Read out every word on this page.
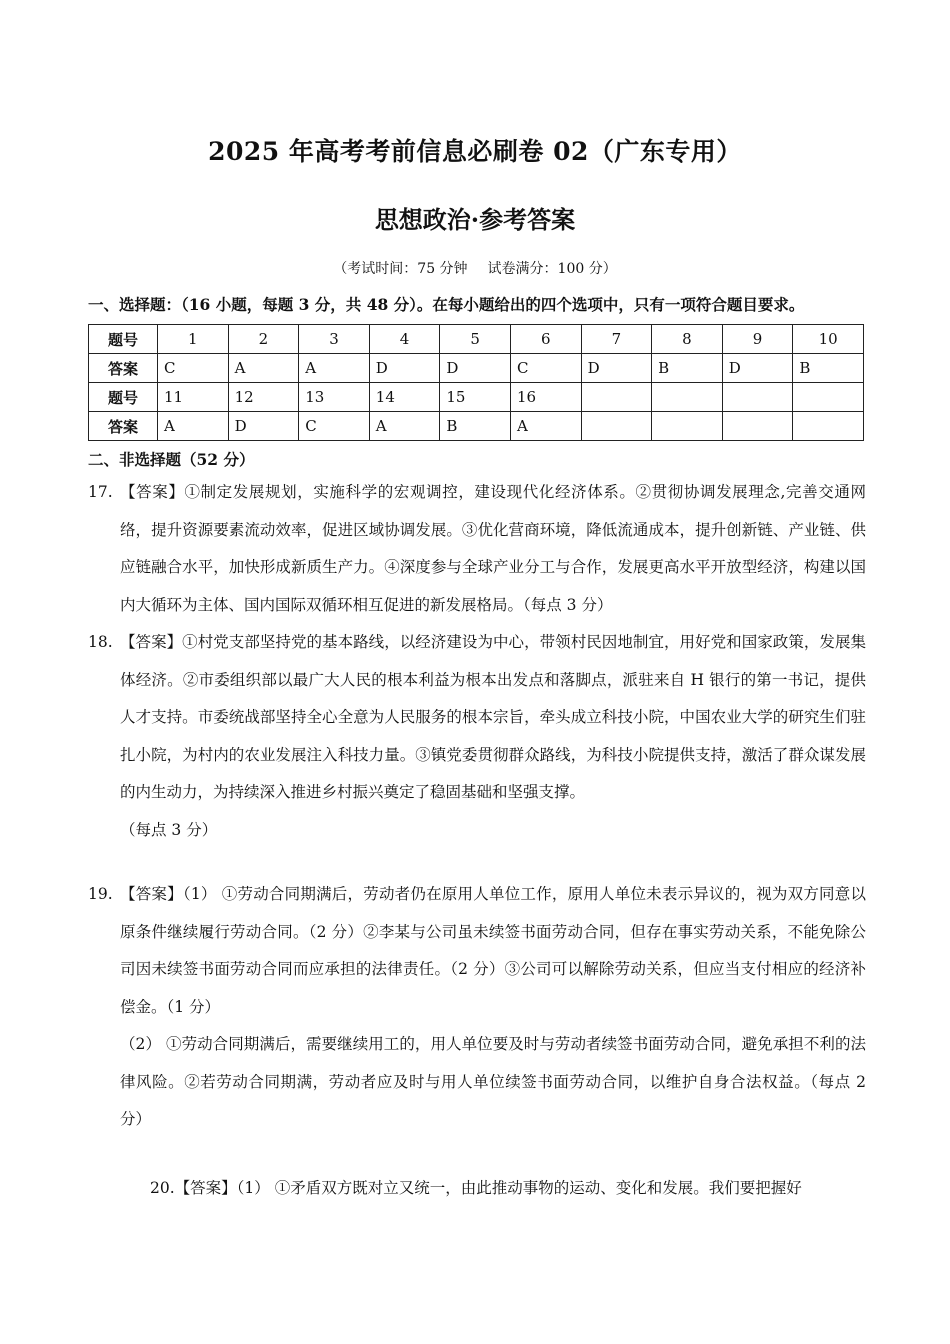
2025 年高考考前信息必刷卷 02（广东专用）
思想政治·参考答案
（考试时间：75 分钟 试卷满分：100 分）
一、选择题：（16 小题，每题 3 分，共 48 分）。在每小题给出的四个选项中，只有一项符合题目要求。
题号	1	2	3	4	5	6	7	8	9	10
答案	C	A	A	D	D	C	D	B	D	B
题号	11	12	13	14	15	16				
答案	A	D	C	A	B	A				
二、非选择题（52 分）
17. 【答案】①制定发展规划，实施科学的宏观调控，建设现代化经济体系。②贯彻协调发展理念,完善交通网络，提升资源要素流动效率，促进区域协调发展。③优化营商环境，降低流通成本，提升创新链、产业链、供应链融合水平，加快形成新质生产力。④深度参与全球产业分工与合作，发展更高水平开放型经济，构建以国内大循环为主体、国内国际双循环相互促进的新发展格局。（每点 3 分）
18. 【答案】①村党支部坚持党的基本路线，以经济建设为中心，带领村民因地制宜，用好党和国家政策，发展集体经济。②市委组织部以最广大人民的根本利益为根本出发点和落脚点，派驻来自 H 银行的第一书记，提供人才支持。市委统战部坚持全心全意为人民服务的根本宗旨，牵头成立科技小院，中国农业大学的研究生们驻扎小院，为村内的农业发展注入科技力量。③镇党委贯彻群众路线，为科技小院提供支持，激活了群众谋发展的内生动力，为持续深入推进乡村振兴奠定了稳固基础和坚强支撑。
（每点 3 分）
19. 【答案】（1） ①劳动合同期满后，劳动者仍在原用人单位工作，原用人单位未表示异议的，视为双方同意以原条件继续履行劳动合同。（2 分）②李某与公司虽未续签书面劳动合同，但存在事实劳动关系，不能免除公司因未续签书面劳动合同而应承担的法律责任。（2 分）③公司可以解除劳动关系，但应当支付相应的经济补偿金。（1 分）
（2） ①劳动合同期满后，需要继续用工的，用人单位要及时与劳动者续签书面劳动合同，避免承担不利的法律风险。②若劳动合同期满，劳动者应及时与用人单位续签书面劳动合同，以维护自身合法权益。（每点 2 分）
20.【答案】（1） ①矛盾双方既对立又统一，由此推动事物的运动、变化和发展。我们要把握好
